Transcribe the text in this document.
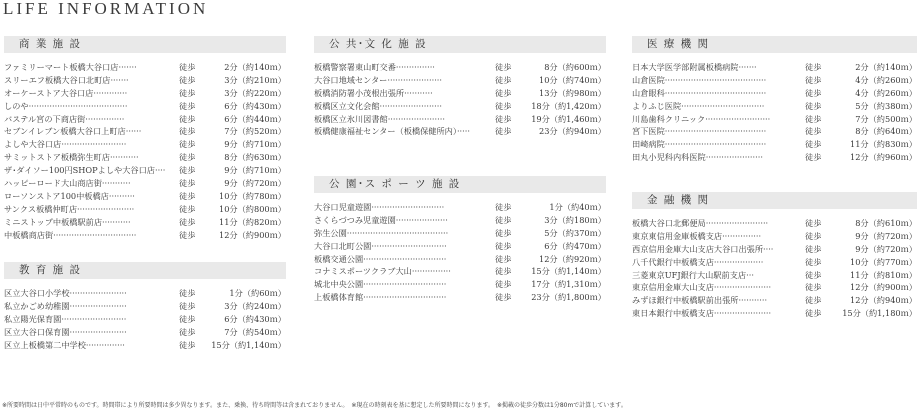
LIFE INFORMATION
商 業 施 設
ファミリーマート板橋大谷口店·······	徒歩	2分（約140ｍ）
スリーエフ板橋大谷口北町店·······	徒歩	3分（約210ｍ）
オーケーストア大谷口店·············	徒歩	3分（約220ｍ）
しのや······································	徒歩	6分（約430ｍ）
バステル宮の下商店街···············	徒歩	6分（約440ｍ）
セブンイレブン板橋大谷口上町店······	徒歩	7分（約520ｍ）
よしや大谷口店·························	徒歩	9分（約710ｍ）
サミットストア板橋弥生町店···········	徒歩	8分（約630ｍ）
ザ･ダイソー100円SHOPよしや大谷口店···· 徒歩	9分（約710ｍ）
ハッピーロード大山商店街···········	徒歩	9分（約720ｍ）
ローソンストア100中板橋店··········	徒歩	10分（約780ｍ）
サンクス板橋仲町店······················	徒歩	10分（約800ｍ）
ミニストップ中板橋駅前店···········	徒歩	11分（約820ｍ）
中板橋商店街································	徒歩	12分（約900ｍ）
教 育 施 設
区立大谷口小学校······················	徒歩	1分（約60ｍ）
私立かごめ幼稚園······················	徒歩	3分（約240ｍ）
私立陽光保育園·························	徒歩	6分（約430ｍ）
区立大谷口保育園······················	徒歩	7分（約540ｍ）
区立上板橋第二中学校···············	徒歩 15分（約1,140ｍ）
公 共･文 化 施 設
板橋警察署東山町交番···············	徒歩	8分（約600ｍ）
大谷口地域センター·····················	徒歩	10分（約740ｍ）
板橋消防署小茂根出張所···········	徒歩	13分（約980ｍ）
板橋区立文化会館························	徒歩 18分（約1,420ｍ）
板橋区立氷川図書館······················	徒歩 19分（約1,460ｍ）
板橋健康福祉センター（板橋保健所内）·····	徒歩	23分（約940ｍ）
公 園･ス ポ ー ツ 施 設
大谷口児童遊園····························	徒歩	1分（約40ｍ）
さくらづつみ児童遊園····················	徒歩	3分（約180ｍ）
弥生公園·······································	徒歩	5分（約370ｍ）
大谷口北町公園·····························	徒歩	6分（約470ｍ）
板橋交通公園································	徒歩	12分（約920ｍ）
コナミスポーツクラブ大山···············	徒歩 15分（約1,140ｍ）
城北中央公園································	徒歩 17分（約1,310ｍ）
上板橋体育館································	徒歩 23分（約1,800ｍ）
医 療 機 関
日本大学医学部附属板橋病院·······	徒歩	2分（約140ｍ）
山倉医院·······································	徒歩	4分（約260ｍ）
山倉眼科·······································	徒歩	4分（約260ｍ）
よりふじ医院································	徒歩	5分（約380ｍ）
川島歯科クリニック·························	徒歩	7分（約500ｍ）
宮下医院·······································	徒歩	8分（約640ｍ）
田崎病院·······································	徒歩	11分（約830ｍ）
田丸小児科内科医院······················	徒歩	12分（約960ｍ）
金 融 機 関
板橋大谷口北郵便局························	徒歩	8分（約610ｍ）
東京東信用金庫板橋支店···············	徒歩	9分（約720ｍ）
西京信用金庫大山支店大谷口出張所····	徒歩	9分（約720ｍ）
八千代銀行中板橋支店···················	徒歩	10分（約770ｍ）
三菱東京UFJ銀行大山駅前支店···	徒歩	11分（約810ｍ）
東京信用金庫大山支店······················	徒歩	12分（約900ｍ）
みずほ銀行中板橋駅前出張所···········	徒歩	12分（約940ｍ）
東日本銀行中板橋支店······················	徒歩	15分（約1,180ｍ）
※所要時間は日中平常時のものです。時間帯により所要時間は多少異なります。また、乗換、待ち時間等は含まれておりません。　※現在の時刻表を基に想定した所要時間になります。　※掲載の徒歩分数は1分80mで計算しています。
